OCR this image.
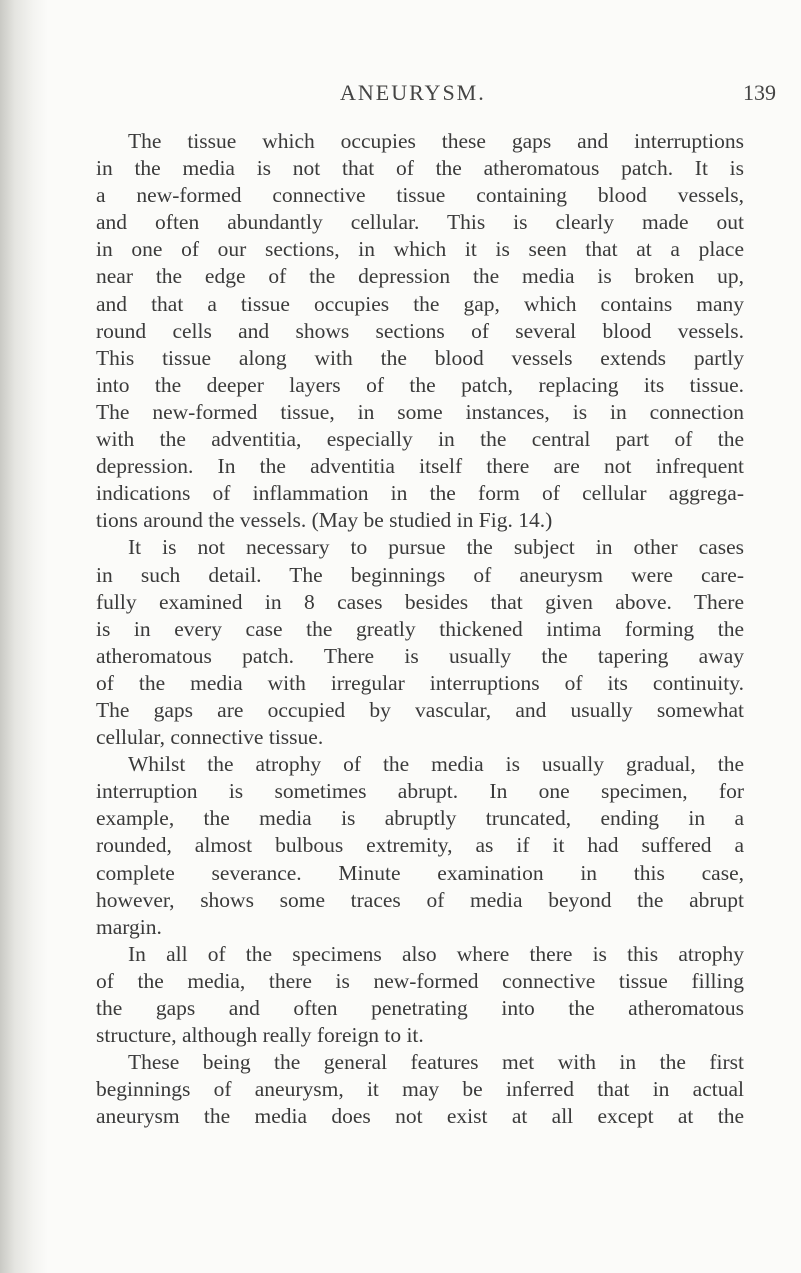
ANEURYSM.	139
The tissue which occupies these gaps and interruptions
in the media is not that of the atheromatous patch. It is
a new-formed connective tissue containing blood vessels,
and often abundantly cellular. This is clearly made out
in one of our sections, in which it is seen that at a place
near the edge of the depression the media is broken up,
and that a tissue occupies the gap, which contains many
round cells and shows sections of several blood vessels.
This tissue along with the blood vessels extends partly
into the deeper layers of the patch, replacing its tissue.
The new-formed tissue, in some instances, is in connection
with the adventitia, especially in the central part of the
depression. In the adventitia itself there are not infrequent
indications of inflammation in the form of cellular aggrega-
tions around the vessels. (May be studied in Fig. 14.)
It is not necessary to pursue the subject in other cases
in such detail. The beginnings of aneurysm were care-
fully examined in 8 cases besides that given above. There
is in every case the greatly thickened intima forming the
atheromatous patch. There is usually the tapering away
of the media with irregular interruptions of its continuity.
The gaps are occupied by vascular, and usually somewhat
cellular, connective tissue.
Whilst the atrophy of the media is usually gradual, the
interruption is sometimes abrupt. In one specimen, for
example, the media is abruptly truncated, ending in a
rounded, almost bulbous extremity, as if it had suffered a
complete severance. Minute examination in this case,
however, shows some traces of media beyond the abrupt
margin.
In all of the specimens also where there is this atrophy
of the media, there is new-formed connective tissue filling
the gaps and often penetrating into the atheromatous
structure, although really foreign to it.
These being the general features met with in the first
beginnings of aneurysm, it may be inferred that in actual
aneurysm the media does not exist at all except at the
